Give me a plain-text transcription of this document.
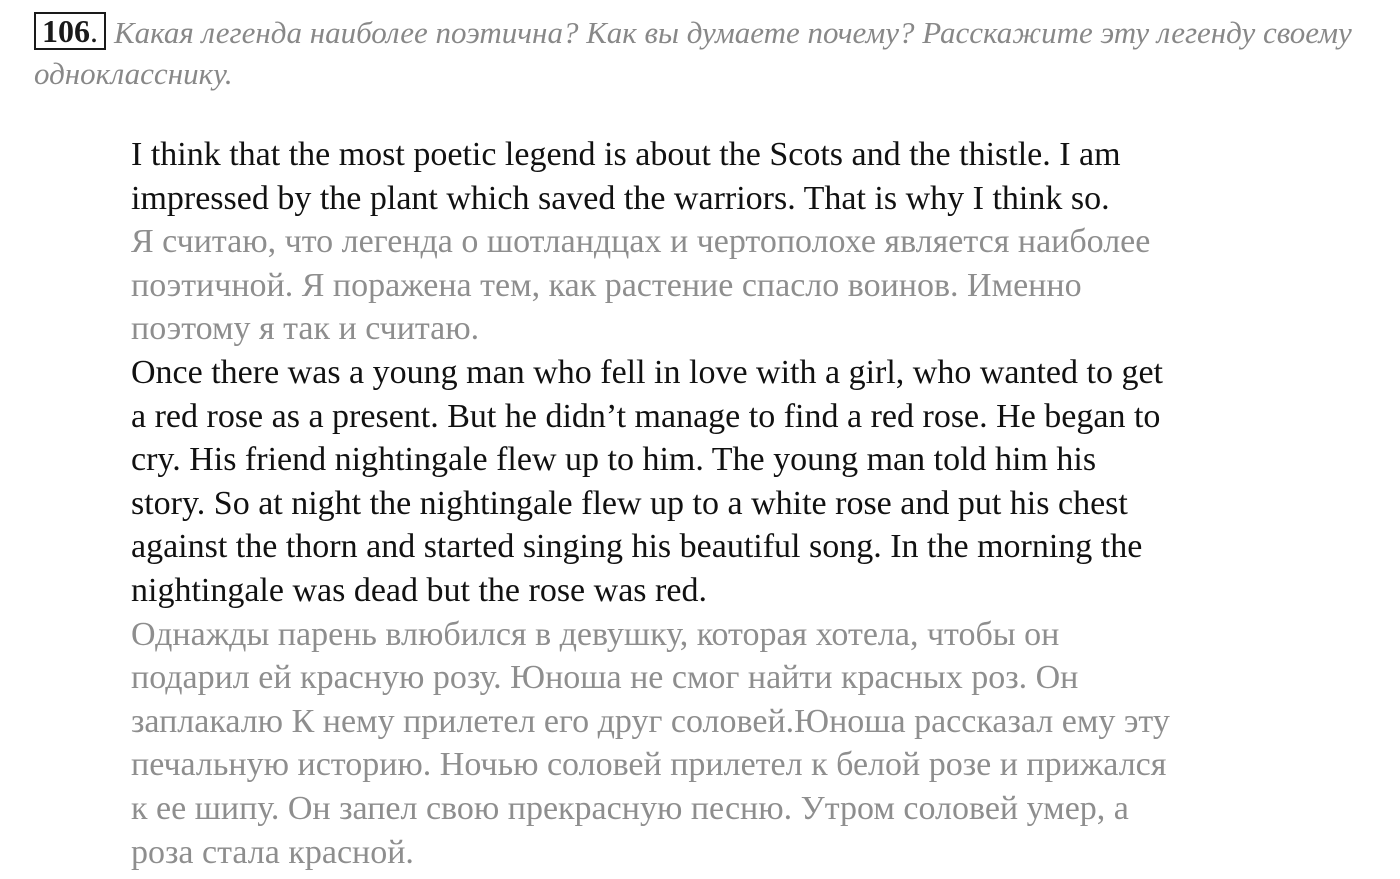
106. Какая легенда наиболее поэтична? Как вы думаете почему? Расскажите эту легенду своему однокласснику.
I think that the most poetic legend is about the Scots and the thistle. I am
impressed by the plant which saved the warriors. That is why I think so.
Я считаю, что легенда о шотландцах и чертополохе является наиболее
поэтичной. Я поражена тем, как растение спасло воинов. Именно
поэтому я так и считаю.
Once there was a young man who fell in love with a girl, who wanted to get
a red rose as a present. But he didn’t manage to find a red rose. He began to
cry. His friend nightingale flew up to him. The young man told him his
story. So at night the nightingale flew up to a white rose and put his chest
against the thorn and started singing his beautiful song. In the morning the
nightingale was dead but the rose was red.
Однажды парень влюбился в девушку, которая хотела, чтобы он
подарил ей красную розу. Юноша не смог найти красных роз. Он
заплакалю К нему прилетел его друг соловей.Юноша рассказал ему эту
печальную историю. Ночью соловей прилетел к белой розе и прижался
к ее шипу. Он запел свою прекрасную песню. Утром соловей умер, а
роза стала красной.
